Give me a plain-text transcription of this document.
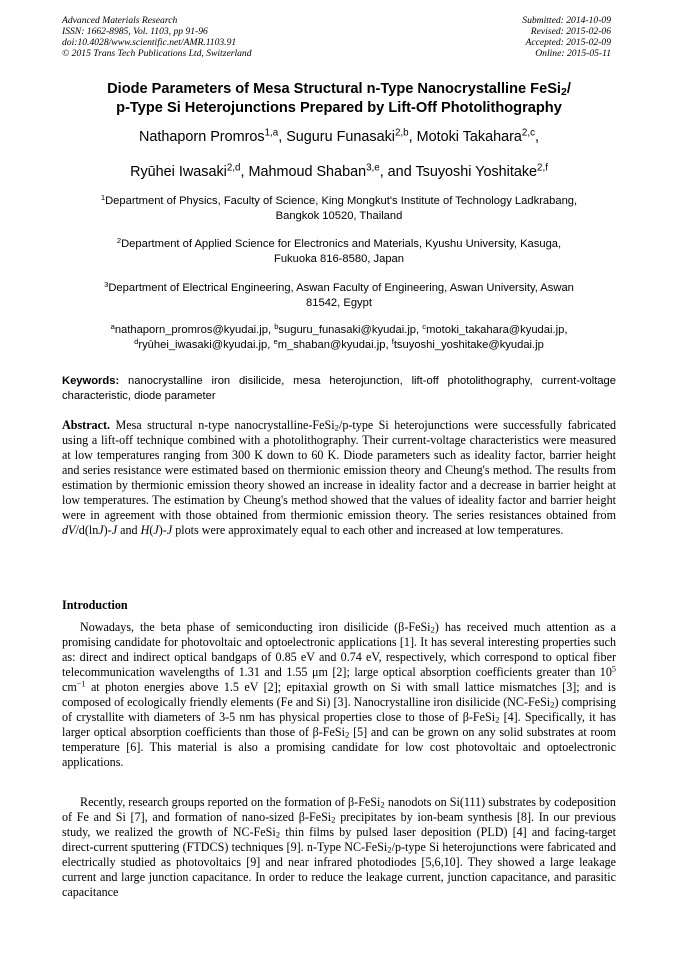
Advanced Materials Research
ISSN: 1662-8985, Vol. 1103, pp 91-96
doi:10.4028/www.scientific.net/AMR.1103.91
© 2015 Trans Tech Publications Ltd, Switzerland
Submitted: 2014-10-09
Revised: 2015-02-06
Accepted: 2015-02-09
Online: 2015-05-11
Diode Parameters of Mesa Structural n-Type Nanocrystalline FeSi$_2$/
p-Type Si Heterojunctions Prepared by Lift-Off Photolithography
Nathaporn Promros$^{1,a}$, Suguru Funasaki$^{2,b}$, Motoki Takahara$^{2,c}$,
Ryūhei Iwasaki$^{2,d}$, Mahmoud Shaban$^{3,e}$, and Tsuyoshi Yoshitake$^{2,f}$
$^1$Department of Physics, Faculty of Science, King Mongkut's Institute of Technology Ladkrabang,
Bangkok 10520, Thailand
$^2$Department of Applied Science for Electronics and Materials, Kyushu University, Kasuga,
Fukuoka 816-8580, Japan
$^3$Department of Electrical Engineering, Aswan Faculty of Engineering, Aswan University, Aswan
81542, Egypt
$^a$nathaporn_promros@kyudai.jp, $^b$suguru_funasaki@kyudai.jp, $^c$motoki_takahara@kyudai.jp,
$^d$ryūhei_iwasaki@kyudai.jp, $^e$m_shaban@kyudai.jp, $^f$tsuyoshi_yoshitake@kyudai.jp
Keywords: nanocrystalline iron disilicide, mesa heterojunction, lift-off photolithography, current-voltage characteristic, diode parameter
Abstract. Mesa structural n-type nanocrystalline-FeSi$_2$/p-type Si heterojunctions were successfully fabricated using a lift-off technique combined with a photolithography. Their current-voltage characteristics were measured at low temperatures ranging from 300 K down to 60 K. Diode parameters such as ideality factor, barrier height and series resistance were estimated based on thermionic emission theory and Cheung's method. The results from estimation by thermionic emission theory showed an increase in ideality factor and a decrease in barrier height at low temperatures. The estimation by Cheung's method showed that the values of ideality factor and barrier height were in agreement with those obtained from thermionic emission theory. The series resistances obtained from dV/d(lnJ)-J and H(J)-J plots were approximately equal to each other and increased at low temperatures.
Introduction
Nowadays, the beta phase of semiconducting iron disilicide (β-FeSi$_2$) has received much attention as a promising candidate for photovoltaic and optoelectronic applications [1]. It has several interesting properties such as: direct and indirect optical bandgaps of 0.85 eV and 0.74 eV, respectively, which correspond to optical fiber telecommunication wavelengths of 1.31 and 1.55 μm [2]; large optical absorption coefficients greater than $10^5$ $cm^{-1}$ at photon energies above 1.5 eV [2]; epitaxial growth on Si with small lattice mismatches [3]; and is composed of ecologically friendly elements (Fe and Si) [3]. Nanocrystalline iron disilicide (NC-FeSi$_2$) comprising of crystallite with diameters of 3-5 nm has physical properties close to those of β-FeSi$_2$ [4]. Specifically, it has larger optical absorption coefficients than those of β-FeSi$_2$ [5] and can be grown on any solid substrates at room temperature [6]. This material is also a promising candidate for low cost photovoltaic and optoelectronic applications.
Recently, research groups reported on the formation of β-FeSi$_2$ nanodots on Si(111) substrates by codeposition of Fe and Si [7], and formation of nano-sized β-FeSi$_2$ precipitates by ion-beam synthesis [8]. In our previous study, we realized the growth of NC-FeSi$_2$ thin films by pulsed laser deposition (PLD) [4] and facing-target direct-current sputtering (FTDCS) techniques [9]. n-Type NC-FeSi$_2$/p-type Si heterojunctions were fabricated and electrically studied as photovoltaics [9] and near infrared photodiodes [5,6,10]. They showed a large leakage current and large junction capacitance. In order to reduce the leakage current, junction capacitance, and parasitic capacitance
